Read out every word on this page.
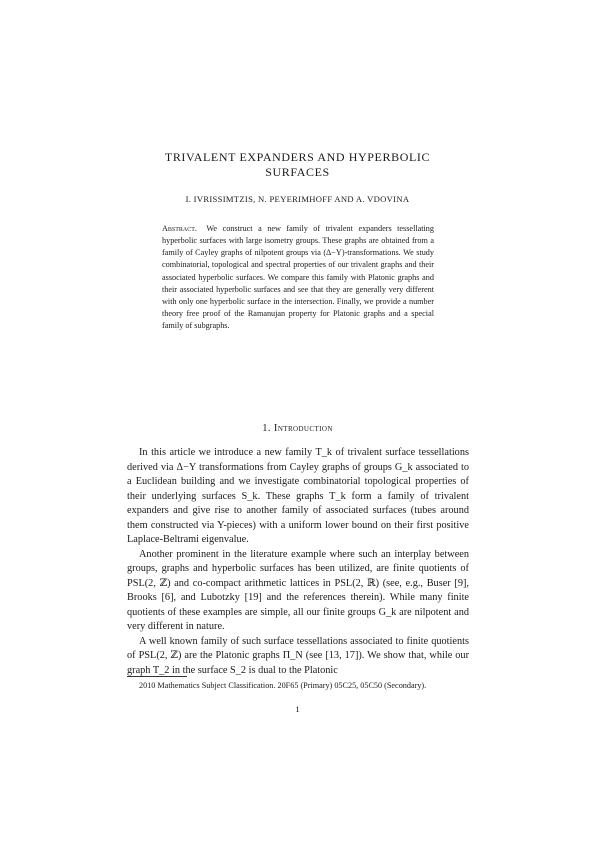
TRIVALENT EXPANDERS AND HYPERBOLIC
SURFACES
I. IVRISSIMTZIS, N. PEYERIMHOFF AND A. VDOVINA
Abstract. We construct a new family of trivalent expanders tessellating hyperbolic surfaces with large isometry groups. These graphs are obtained from a family of Cayley graphs of nilpotent groups via (Δ−Y)-transformations. We study combinatorial, topological and spectral properties of our trivalent graphs and their associated hyperbolic surfaces. We compare this family with Platonic graphs and their associated hyperbolic surfaces and see that they are generally very different with only one hyperbolic surface in the intersection. Finally, we provide a number theory free proof of the Ramanujan property for Platonic graphs and a special family of subgraphs.
1. Introduction

In this article we introduce a new family T_k of trivalent surface tessellations derived via Δ−Y transformations from Cayley graphs of groups G_k associated to a Euclidean building and we investigate combinatorial topological properties of their underlying surfaces S_k. These graphs T_k form a family of trivalent expanders and give rise to another family of associated surfaces (tubes around them constructed via Y-pieces) with a uniform lower bound on their first positive Laplace-Beltrami eigenvalue.

Another prominent in the literature example where such an interplay between groups, graphs and hyperbolic surfaces has been utilized, are finite quotients of PSL(2, ℤ) and co-compact arithmetic lattices in PSL(2, ℝ) (see, e.g., Buser [9], Brooks [6], and Lubotzky [19] and the references therein). While many finite quotients of these examples are simple, all our finite groups G_k are nilpotent and very different in nature.

A well known family of such surface tessellations associated to finite quotients of PSL(2, ℤ) are the Platonic graphs Π_N (see [13, 17]). We show that, while our graph T_2 in the surface S_2 is dual to the Platonic

2010 Mathematics Subject Classification. 20F65 (Primary) 05C25, 05C50 (Secondary).
1
